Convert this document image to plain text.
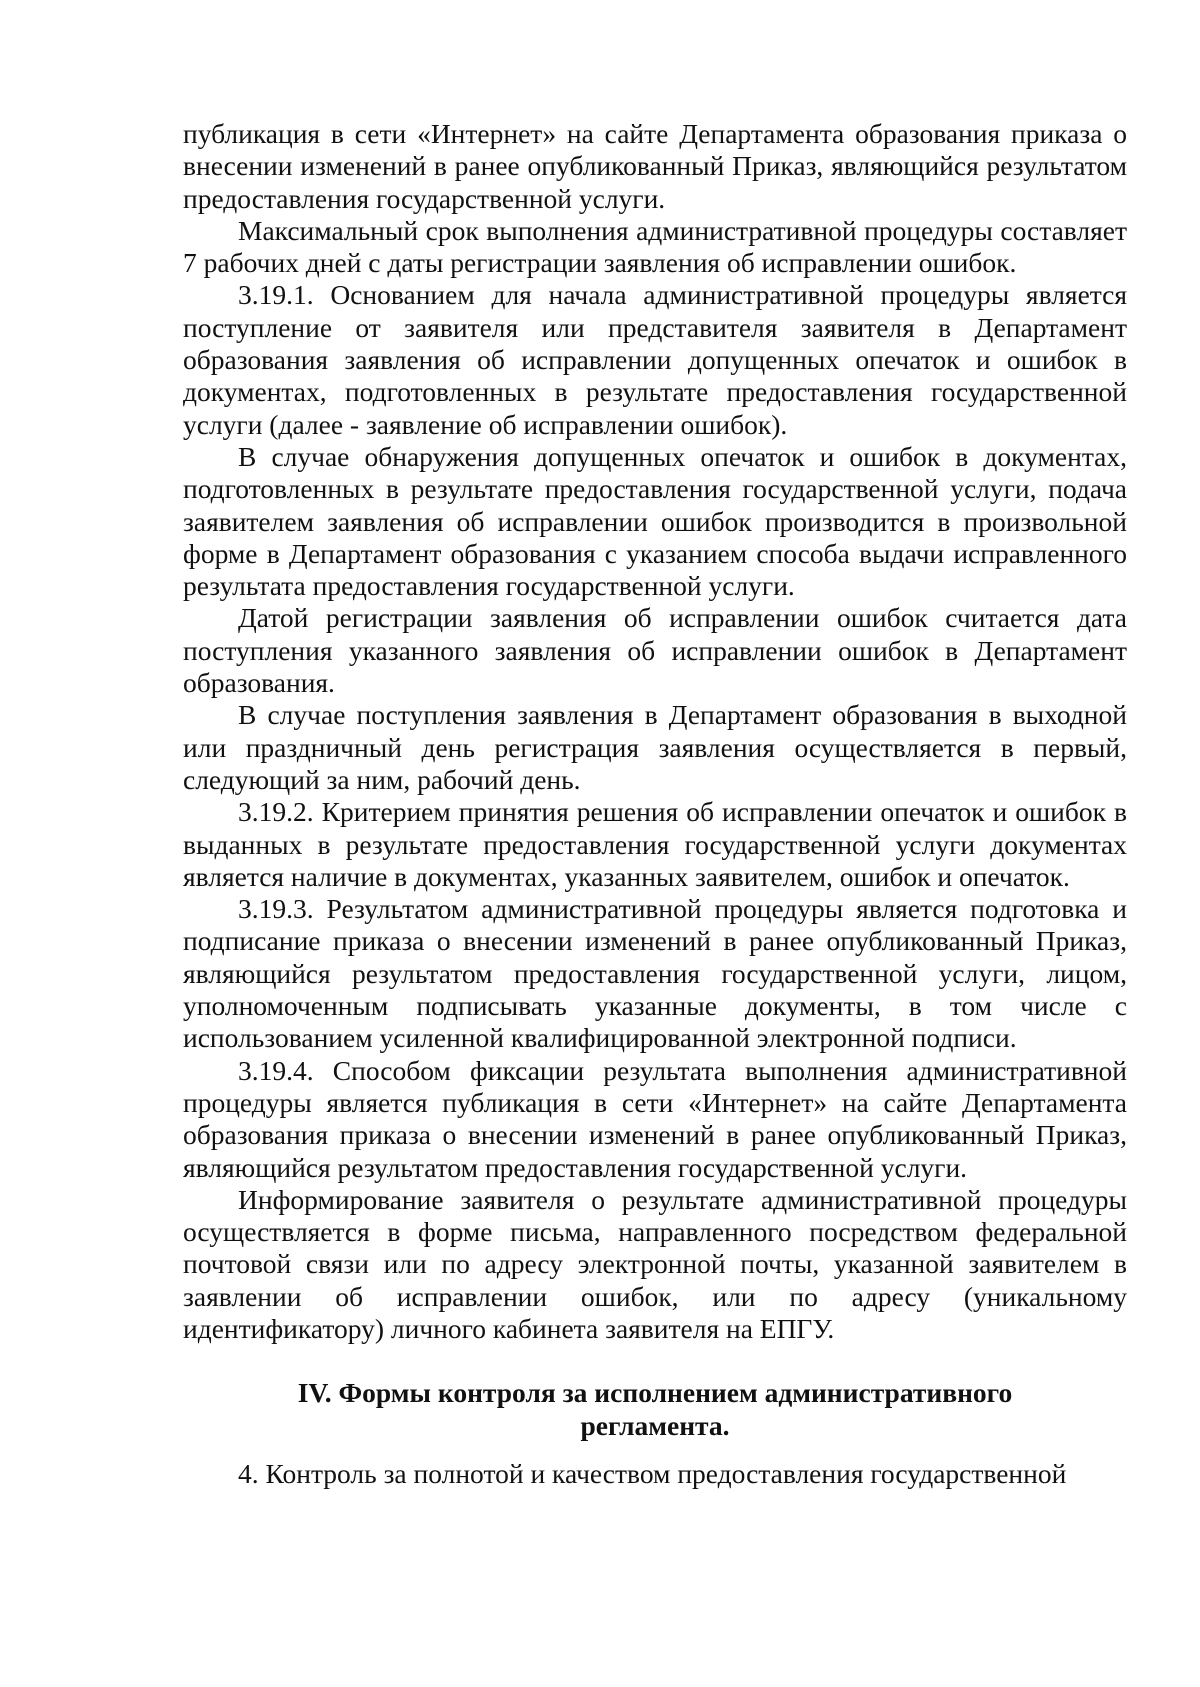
публикация в сети «Интернет» на сайте Департамента образования приказа о внесении изменений в ранее опубликованный Приказ, являющийся результатом предоставления государственной услуги.

Максимальный срок выполнения административной процедуры составляет 7 рабочих дней с даты регистрации заявления об исправлении ошибок.

3.19.1. Основанием для начала административной процедуры является поступление от заявителя или представителя заявителя в Департамент образования заявления об исправлении допущенных опечаток и ошибок в документах, подготовленных в результате предоставления государственной услуги (далее - заявление об исправлении ошибок).

В случае обнаружения допущенных опечаток и ошибок в документах, подготовленных в результате предоставления государственной услуги, подача заявителем заявления об исправлении ошибок производится в произвольной форме в Департамент образования с указанием способа выдачи исправленного результата предоставления государственной услуги.

Датой регистрации заявления об исправлении ошибок считается дата поступления указанного заявления об исправлении ошибок в Департамент образования.

В случае поступления заявления в Департамент образования в выходной или праздничный день регистрация заявления осуществляется в первый, следующий за ним, рабочий день.

3.19.2. Критерием принятия решения об исправлении опечаток и ошибок в выданных в результате предоставления государственной услуги документах является наличие в документах, указанных заявителем, ошибок и опечаток.

3.19.3. Результатом административной процедуры является подготовка и подписание приказа о внесении изменений в ранее опубликованный Приказ, являющийся результатом предоставления государственной услуги, лицом, уполномоченным подписывать указанные документы, в том числе с использованием усиленной квалифицированной электронной подписи.

3.19.4. Способом фиксации результата выполнения административной процедуры является публикация в сети «Интернет» на сайте Департамента образования приказа о внесении изменений в ранее опубликованный Приказ, являющийся результатом предоставления государственной услуги.

Информирование заявителя о результате административной процедуры осуществляется в форме письма, направленного посредством федеральной почтовой связи или по адресу электронной почты, указанной заявителем в заявлении об исправлении ошибок, или по адресу (уникальному идентификатору) личного кабинета заявителя на ЕПГУ.

IV. Формы контроля за исполнением административного регламента.

4. Контроль за полнотой и качеством предоставления государственной
